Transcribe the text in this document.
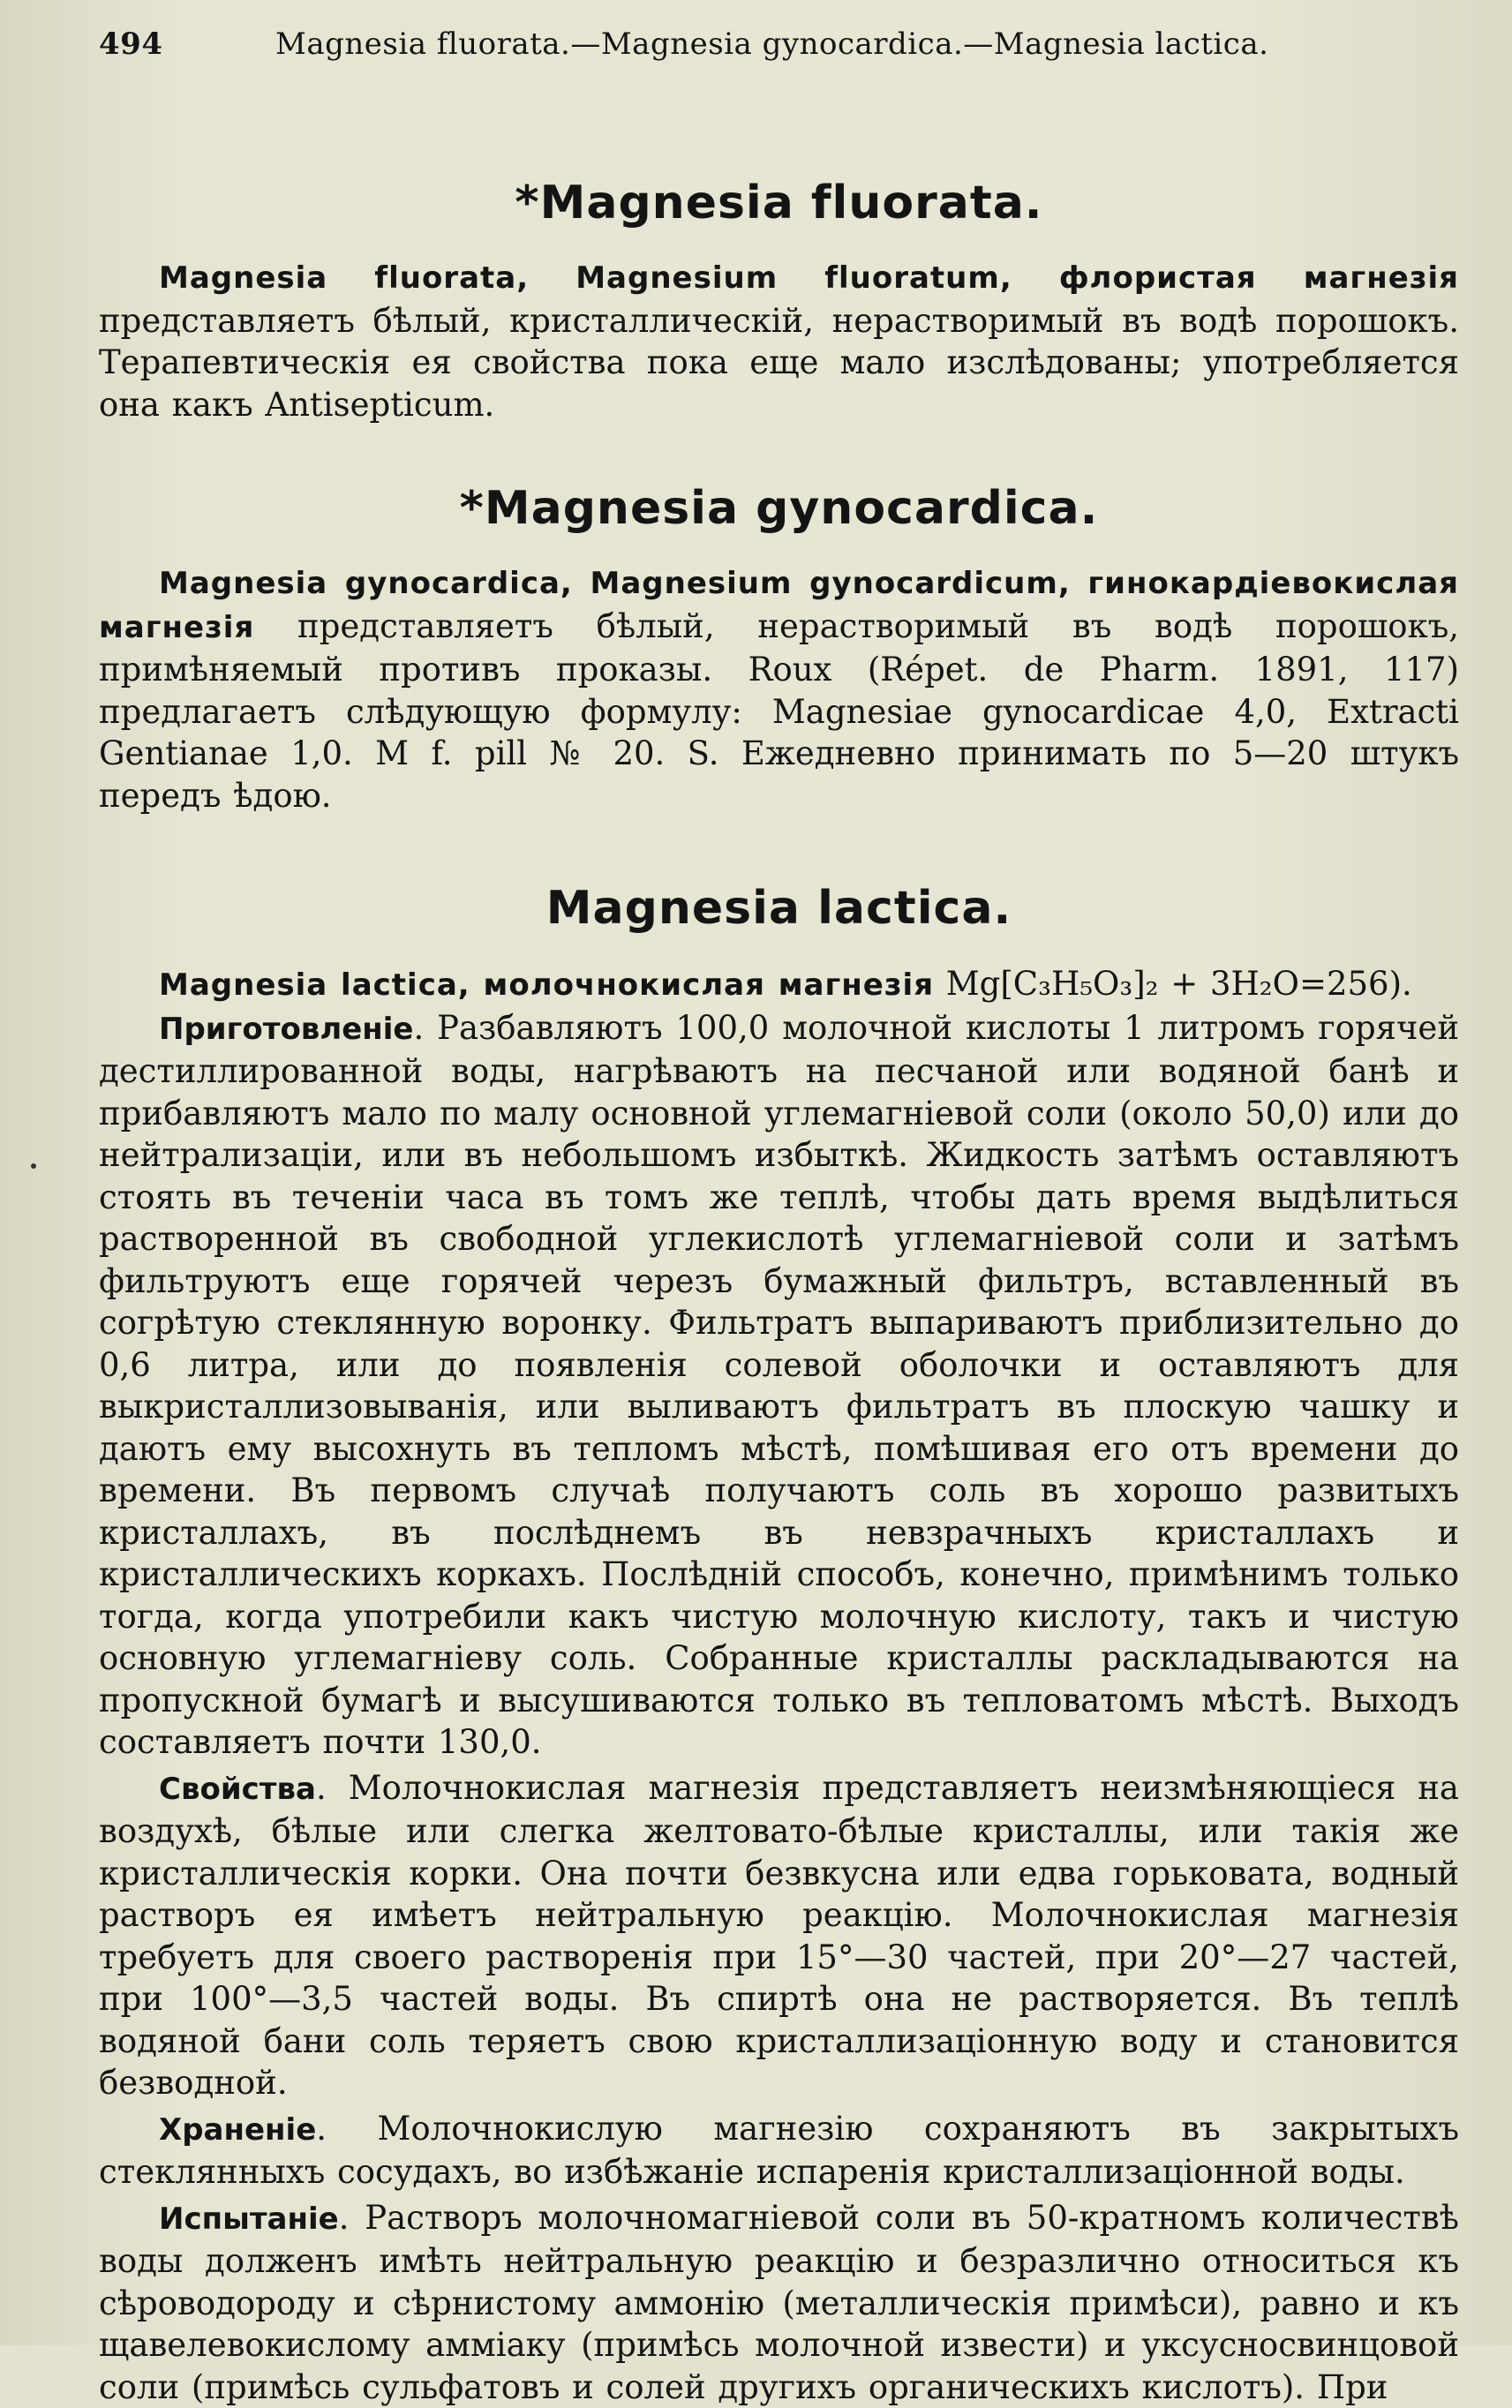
494	Magnesia fluorata.—Magnesia gynocardica.—Magnesia lactica.
*Magnesia fluorata.

Magnesia fluorata, Magnesium fluoratum, флористая магнезія представляетъ бѣлый, кристаллическій, нерастворимый въ водѣ порошокъ. Терапевтическія ея свойства пока еще мало изслѣдованы; употребляется она какъ Antisepticum.

*Magnesia gynocardica.

Magnesia gynocardica, Magnesium gynocardicum, гинокардіевокислая магнезія представляетъ бѣлый, нерастворимый въ водѣ порошокъ, примѣняемый противъ проказы. Roux (Répet. de Pharm. 1891, 117) предлагаетъ слѣдующую формулу: Magnesiae gynocardicae 4,0, Extracti Gentianae 1,0. M f. pill № 20. S. Ежедневно принимать по 5—20 штукъ передъ ѣдою.

Magnesia lactica.

Magnesia lactica, молочнокислая магнезія Mg[C₃H₅O₃]₂ + 3H₂O=256).

Приготовленіе. Разбавляютъ 100,0 молочной кислоты 1 литромъ горячей дестиллированной воды, нагрѣваютъ на песчаной или водяной банѣ и прибавляютъ мало по малу основной углемагніевой соли (около 50,0) или до нейтрализаціи, или въ небольшомъ избыткѣ. Жидкость затѣмъ оставляютъ стоять въ теченіи часа въ томъ же теплѣ, чтобы дать время выдѣлиться растворенной въ свободной углекислотѣ углемагніевой соли и затѣмъ фильтруютъ еще горячей черезъ бумажный фильтръ, вставленный въ согрѣтую стеклянную воронку. Фильтратъ выпариваютъ приблизительно до 0,6 литра, или до появленія солевой оболочки и оставляютъ для выкристаллизовыванія, или выливаютъ фильтратъ въ плоскую чашку и даютъ ему высохнуть въ тепломъ мѣстѣ, помѣшивая его отъ времени до времени. Въ первомъ случаѣ получаютъ соль въ хорошо развитыхъ кристаллахъ, въ послѣднемъ въ невзрачныхъ кристаллахъ и кристаллическихъ коркахъ. Послѣдній способъ, конечно, примѣнимъ только тогда, когда употребили какъ чистую молочную кислоту, такъ и чистую основную углемагніеву соль. Собранные кристаллы раскладываются на пропускной бумагѣ и высушиваются только въ тепловатомъ мѣстѣ. Выходъ составляетъ почти 130,0.

Свойства. Молочнокислая магнезія представляетъ неизмѣняющіеся на воздухѣ, бѣлые или слегка желтовато-бѣлые кристаллы, или такія же кристаллическія корки. Она почти безвкусна или едва горьковата, водный растворъ ея имѣетъ нейтральную реакцію. Молочнокислая магнезія требуетъ для своего растворенія при 15°—30 частей, при 20°—27 частей, при 100°—3,5 частей воды. Въ спиртѣ она не растворяется. Въ теплѣ водяной бани соль теряетъ свою кристаллизаціонную воду и становится безводной.

Храненіе. Молочнокислую магнезію сохраняютъ въ закрытыхъ стеклянныхъ сосудахъ, во избѣжаніе испаренія кристаллизаціонной воды.

Испытаніе. Растворъ молочномагніевой соли въ 50-кратномъ количествѣ воды долженъ имѣть нейтральную реакцію и безразлично относиться къ сѣроводороду и сѣрнистому аммонію (металлическія примѣси), равно и къ щавелевокислому амміаку (примѣсь молочной извести) и уксусносвинцовой соли (примѣсь сульфатовъ и солей другихъ органическихъ кислотъ). При
